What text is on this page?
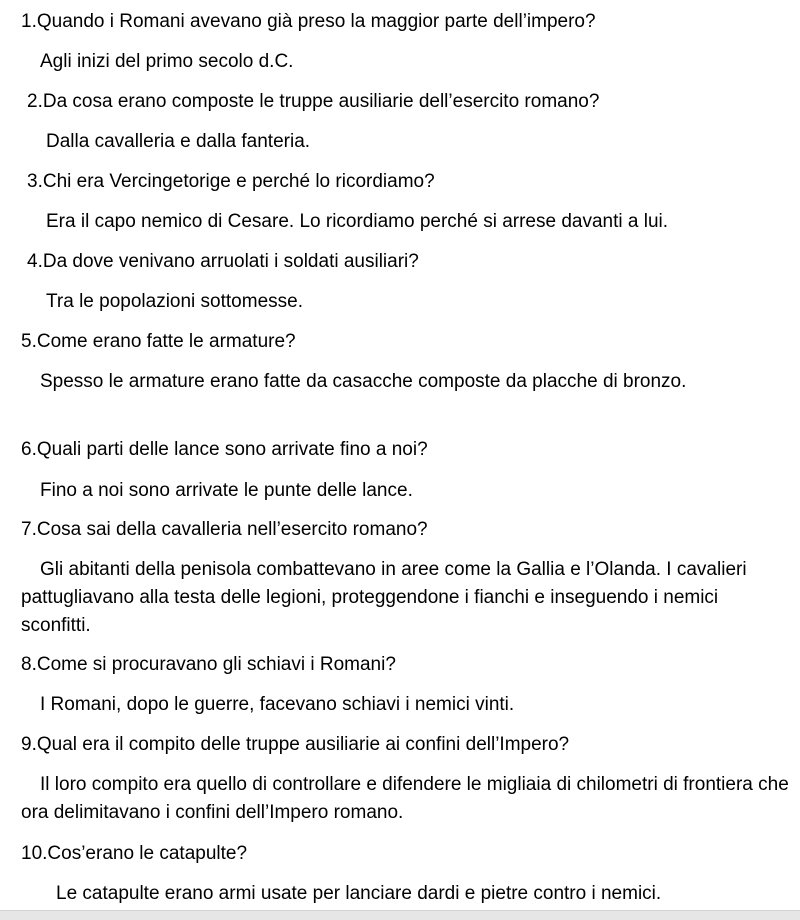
1.Quando i Romani avevano già preso la maggior parte dell’impero?
Agli inizi del primo secolo d.C.
2.Da cosa erano composte le truppe ausiliarie dell’esercito romano?
Dalla cavalleria e dalla fanteria.
3.Chi era Vercingetorige e perché lo ricordiamo?
Era il capo nemico di Cesare. Lo ricordiamo perché si arrese davanti a lui.
4.Da dove venivano arruolati i soldati ausiliari?
Tra le popolazioni sottomesse.
5.Come erano fatte le armature?
Spesso le armature erano fatte da casacche composte da placche di bronzo.
6.Quali parti delle lance sono arrivate fino a noi?
Fino a noi sono arrivate le punte delle lance.
7.Cosa sai della cavalleria nell’esercito romano?
Gli abitanti della penisola combattevano in aree come la Gallia e l’Olanda. I cavalieri pattugliavano alla testa delle legioni, proteggendone i fianchi e inseguendo i nemici sconfitti.
8.Come si procuravano gli schiavi i Romani?
I Romani, dopo le guerre, facevano schiavi i nemici vinti.
9.Qual era il compito delle truppe ausiliarie ai confini dell’Impero?
Il loro compito era quello di controllare e difendere le migliaia di chilometri di frontiera che ora delimitavano i confini dell’Impero romano.
10.Cos’erano le catapulte?
Le catapulte erano armi usate per lanciare dardi e pietre contro i nemici.
